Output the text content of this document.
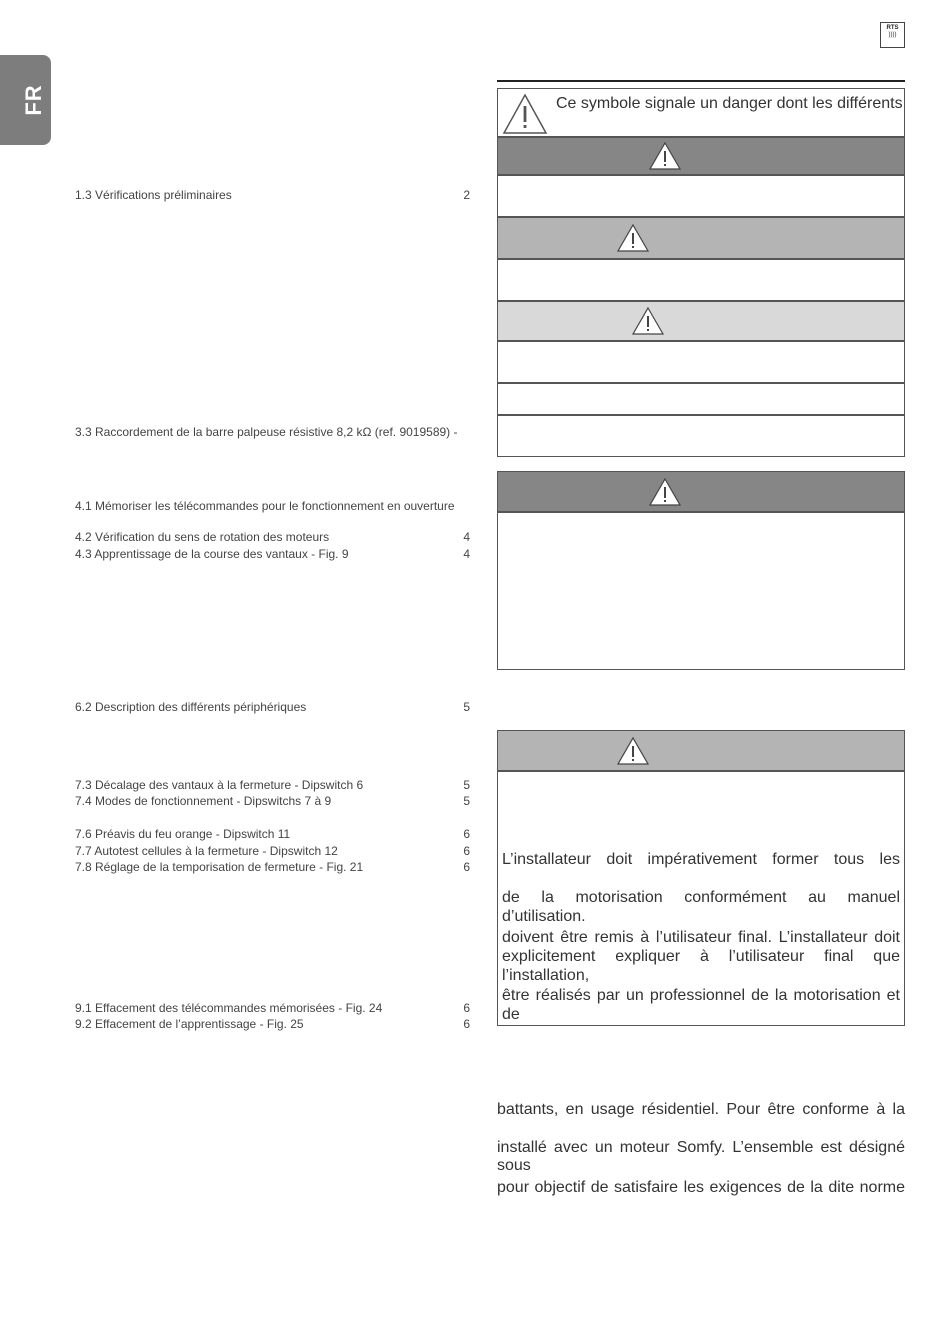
FR
RTS
))))
1.3 Vérifications préliminaires	2
3.3 Raccordement de la barre palpeuse résistive 8,2 kΩ (ref. 9019589) -
4.1 Mémoriser les télécommandes pour le fonctionnement en ouverture
4.2 Vérification du sens de rotation des moteurs	4
4.3 Apprentissage de la course des vantaux - Fig. 9	4
6.2 Description des différents périphériques	5
7.3 Décalage des vantaux à la fermeture - Dipswitch 6	5
7.4 Modes de fonctionnement - Dipswitchs 7 à 9	5
7.6 Préavis du feu orange - Dipswitch 11	6
7.7 Autotest cellules à la fermeture - Dipswitch 12	6
7.8 Réglage de la temporisation de fermeture - Fig. 21	6
9.1 Effacement des télécommandes mémorisées - Fig. 24	6
9.2 Effacement de l’apprentissage - Fig. 25	6
Ce symbole signale un danger dont les différents
L’installateur doit impérativement former tous les
de la motorisation conformément au manuel d’utilisation.
doivent être remis à l’utilisateur final. L’installateur doit
explicitement expliquer à l’utilisateur final que l’installation,
être réalisés par un professionnel de la motorisation et de
battants, en usage résidentiel. Pour être conforme à la
installé avec un moteur Somfy. L’ensemble est désigné sous
pour objectif de satisfaire les exigences de la dite norme
